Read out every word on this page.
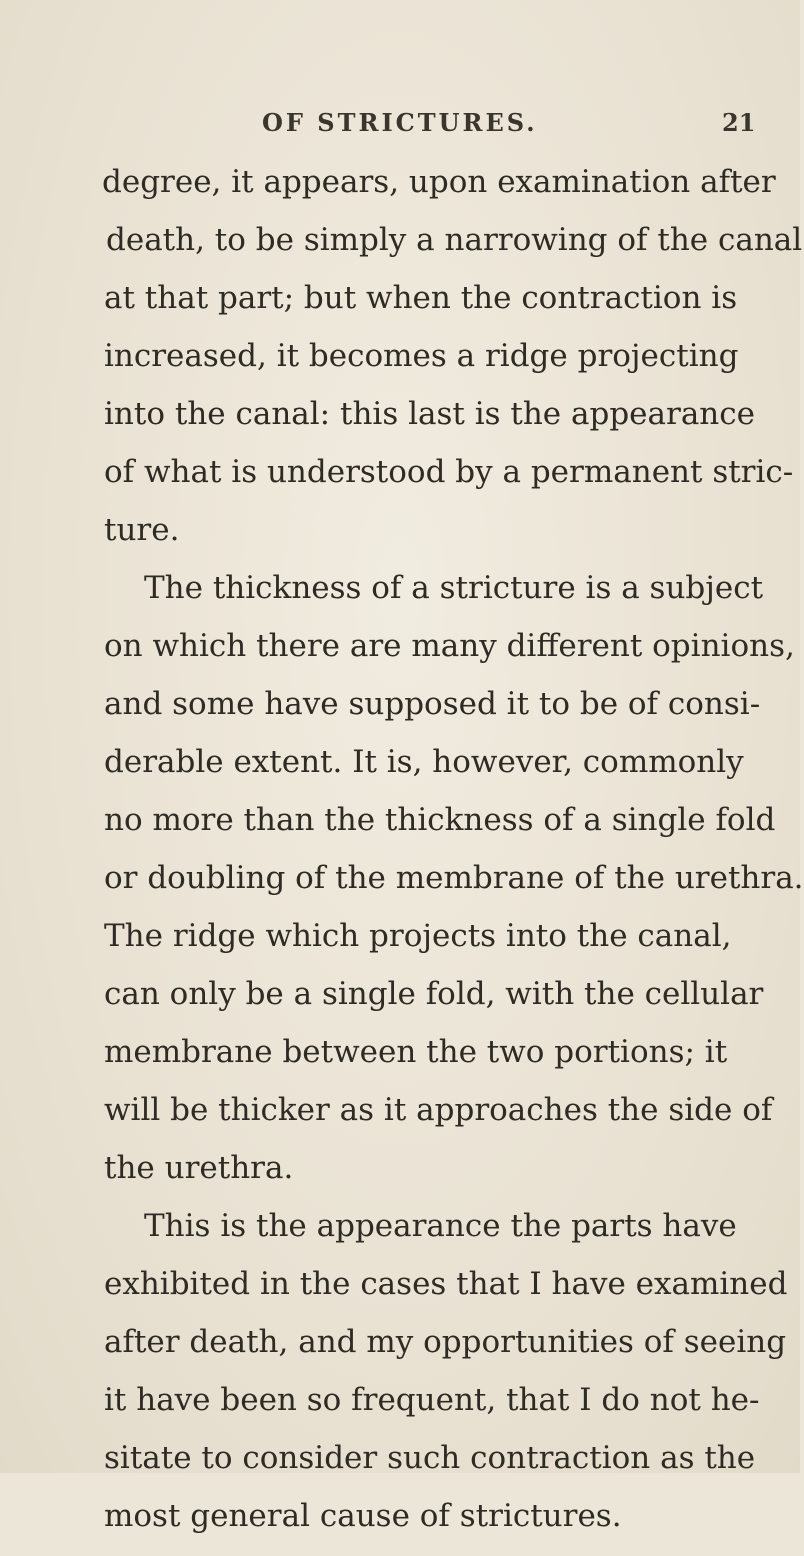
OF STRICTURES.	21
degree, it appears, upon examination after
death, to be simply a narrowing of the canal
at that part; but when the contraction is
increased, it becomes a ridge projecting
into the canal: this last is the appearance
of what is understood by a permanent stric-
ture.
The thickness of a stricture is a subject
on which there are many different opinions,
and some have supposed it to be of consi-
derable extent. It is, however, commonly
no more than the thickness of a single fold
or doubling of the membrane of the urethra.
The ridge which projects into the canal,
can only be a single fold, with the cellular
membrane between the two portions; it
will be thicker as it approaches the side of
the urethra.
This is the appearance the parts have
exhibited in the cases that I have examined
after death, and my opportunities of seeing
it have been so frequent, that I do not he-
sitate to consider such contraction as the
most general cause of strictures.
